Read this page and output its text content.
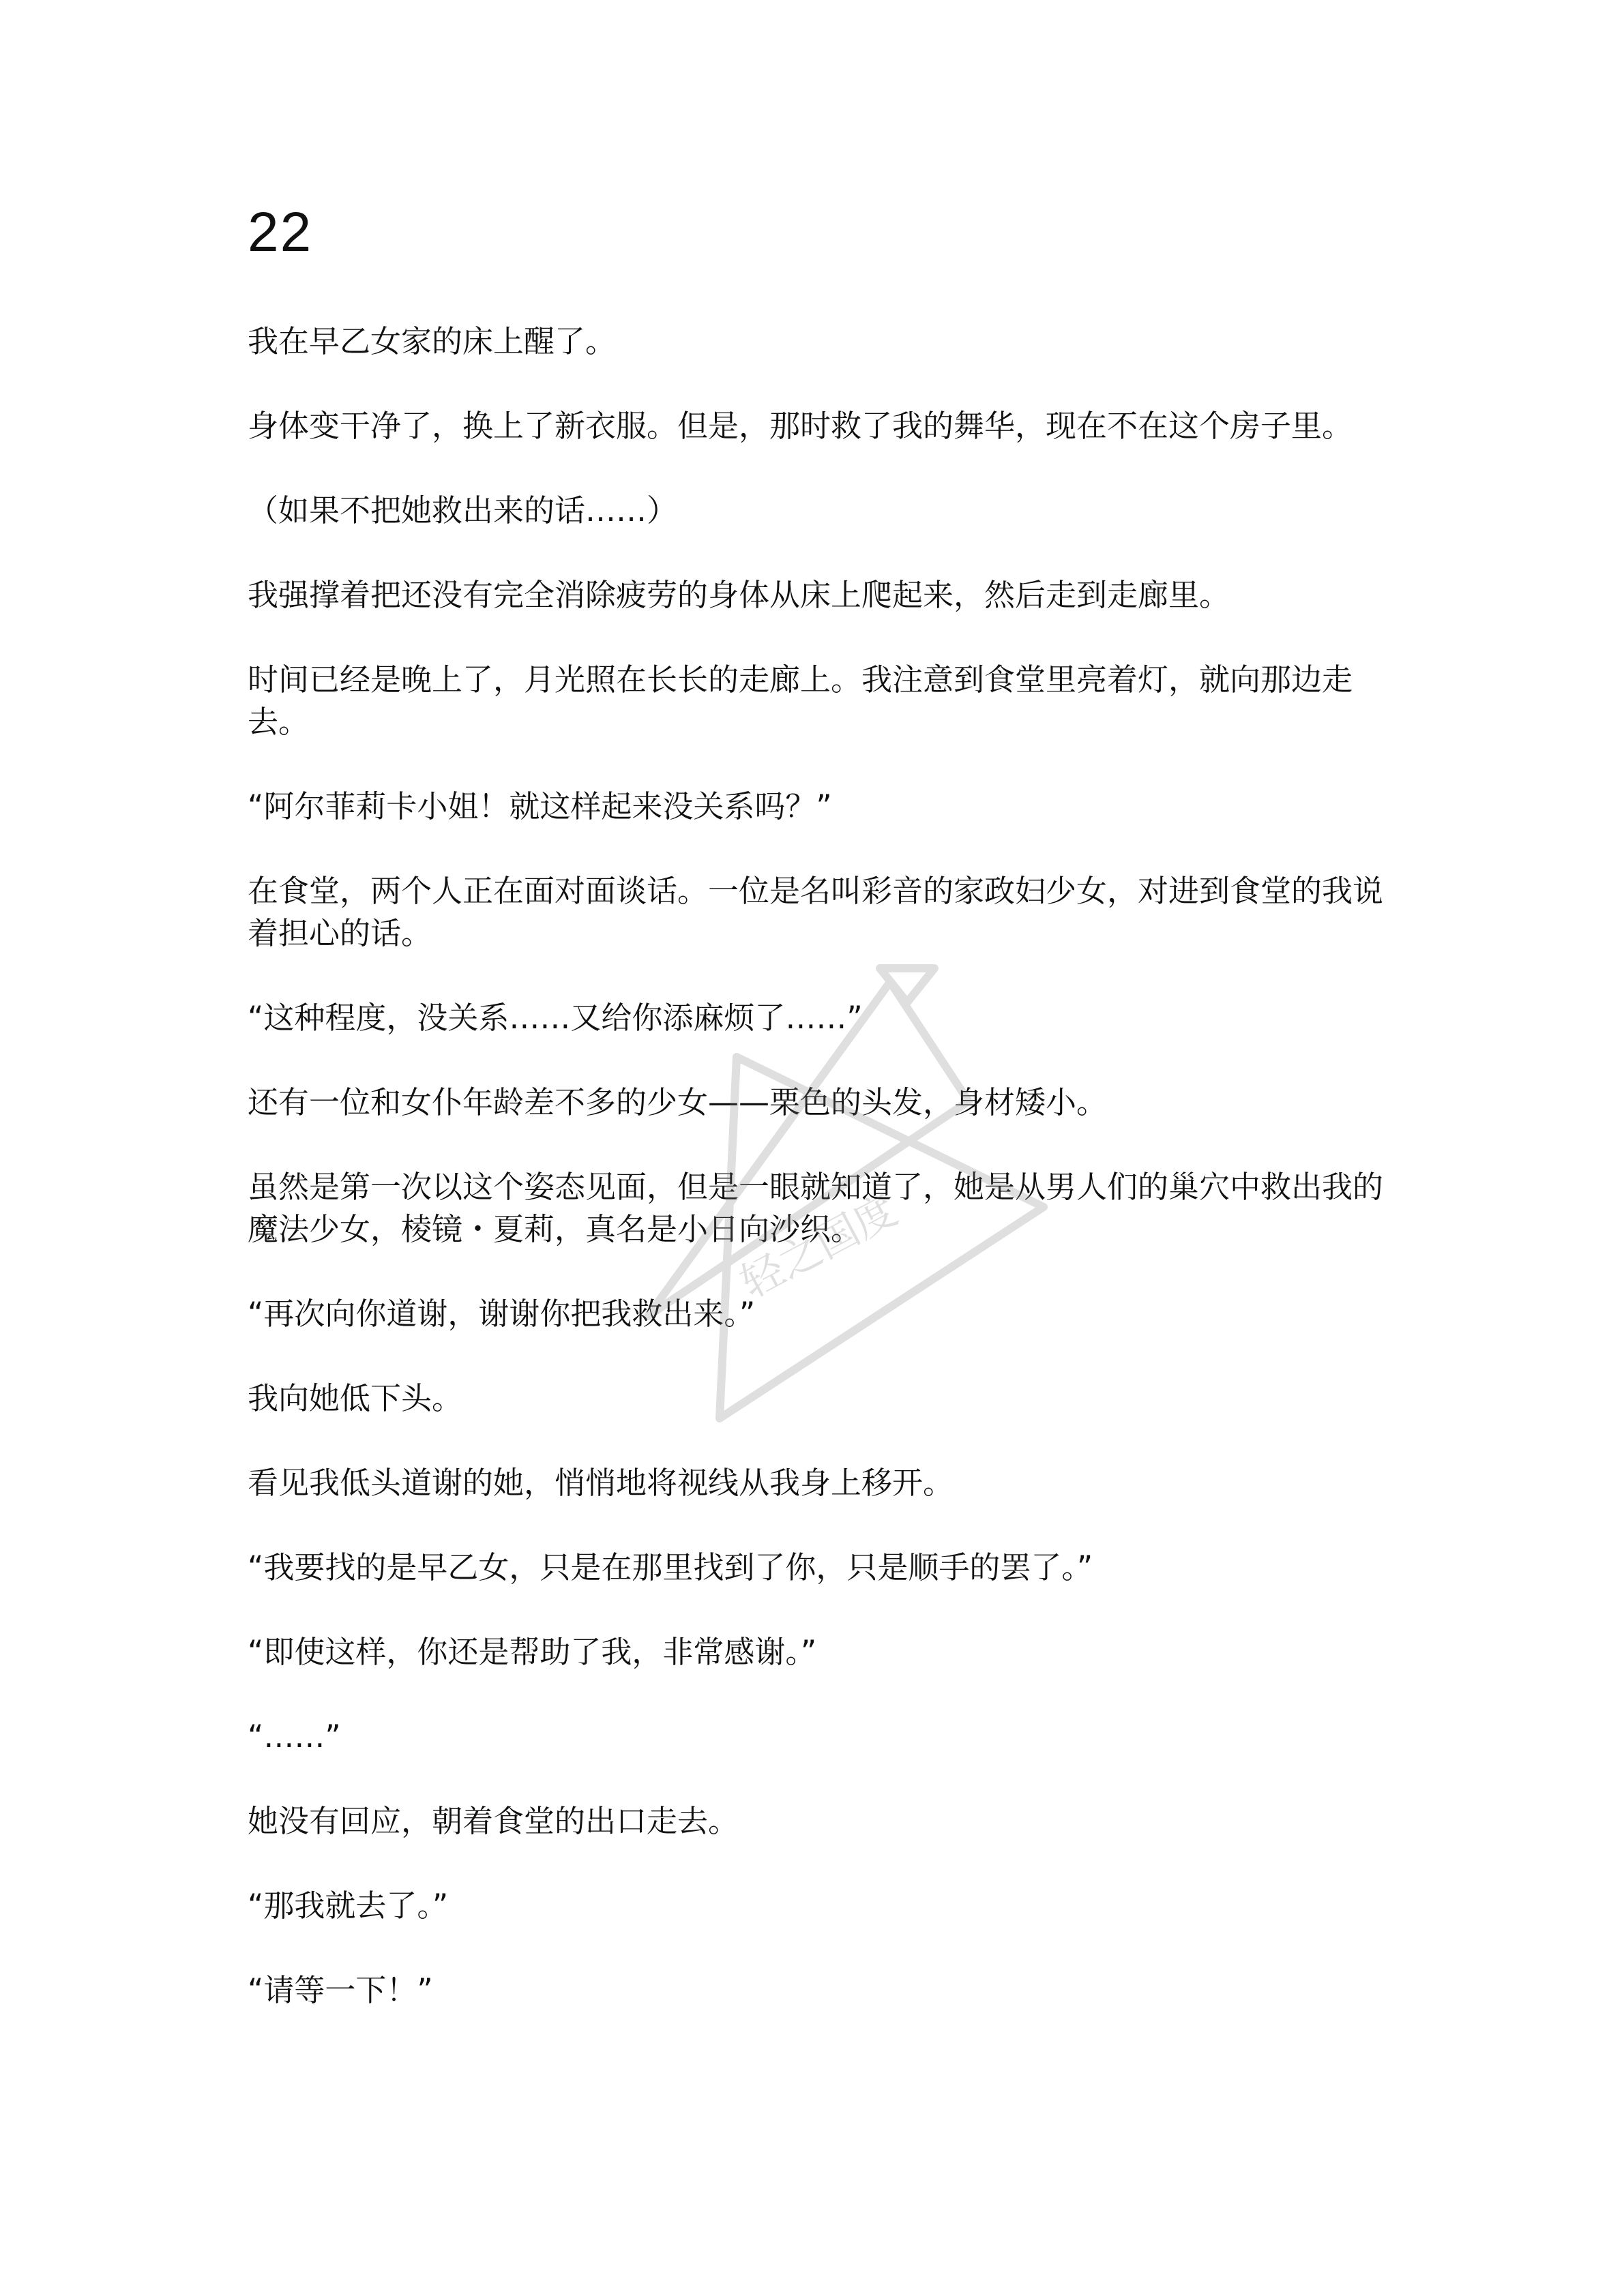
22

我在早乙女家的床上醒了。

身体变干净了，换上了新衣服。但是，那时救了我的舞华，现在不在这个房子里。

（如果不把她救出来的话……）

我强撑着把还没有完全消除疲劳的身体从床上爬起来，然后走到走廊里。

时间已经是晚上了，月光照在长长的走廊上。我注意到食堂里亮着灯，就向那边走去。

“阿尔菲莉卡小姐！就这样起来没关系吗？”

在食堂，两个人正在面对面谈话。一位是名叫彩音的家政妇少女，对进到食堂的我说着担心的话。

“这种程度，没关系……又给你添麻烦了……”

还有一位和女仆年龄差不多的少女——栗色的头发，身材矮小。

虽然是第一次以这个姿态见面，但是一眼就知道了，她是从男人们的巢穴中救出我的魔法少女，棱镜・夏莉，真名是小日向沙织。

“再次向你道谢，谢谢你把我救出来。”

我向她低下头。

看见我低头道谢的她，悄悄地将视线从我身上移开。

“我要找的是早乙女，只是在那里找到了你，只是顺手的罢了。”

“即使这样，你还是帮助了我，非常感谢。”

“……”

她没有回应，朝着食堂的出口走去。

“那我就去了。”

“请等一下！”

轻之国度
